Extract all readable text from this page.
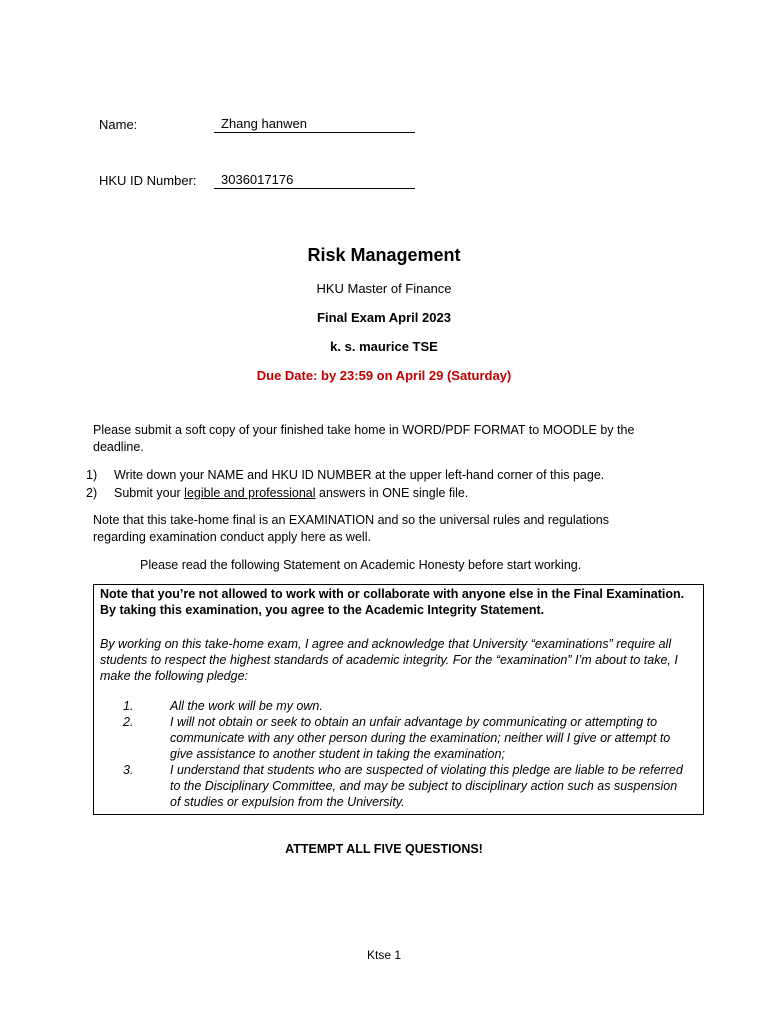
Name:	Zhang hanwen
HKU ID Number:	3036017176
Risk Management
HKU Master of Finance
Final Exam April 2023
k. s. maurice TSE
Due Date: by 23:59 on April 29 (Saturday)
Please submit a soft copy of your finished take home in WORD/PDF FORMAT to MOODLE by the deadline.
1) Write down your NAME and HKU ID NUMBER at the upper left-hand corner of this page.
2) Submit your legible and professional answers in ONE single file.
Note that this take-home final is an EXAMINATION and so the universal rules and regulations regarding examination conduct apply here as well.
Please read the following Statement on Academic Honesty before start working.
Note that you’re not allowed to work with or collaborate with anyone else in the Final Examination. By taking this examination, you agree to the Academic Integrity Statement.
By working on this take-home exam, I agree and acknowledge that University “examinations” require all students to respect the highest standards of academic integrity. For the “examination” I’m about to take, I make the following pledge:
1.	All the work will be my own.
2.	I will not obtain or seek to obtain an unfair advantage by communicating or attempting to communicate with any other person during the examination; neither will I give or attempt to give assistance to another student in taking the examination;
3.	I understand that students who are suspected of violating this pledge are liable to be referred to the Disciplinary Committee, and may be subject to disciplinary action such as suspension of studies or expulsion from the University.
ATTEMPT ALL FIVE QUESTIONS!
Ktse 1
